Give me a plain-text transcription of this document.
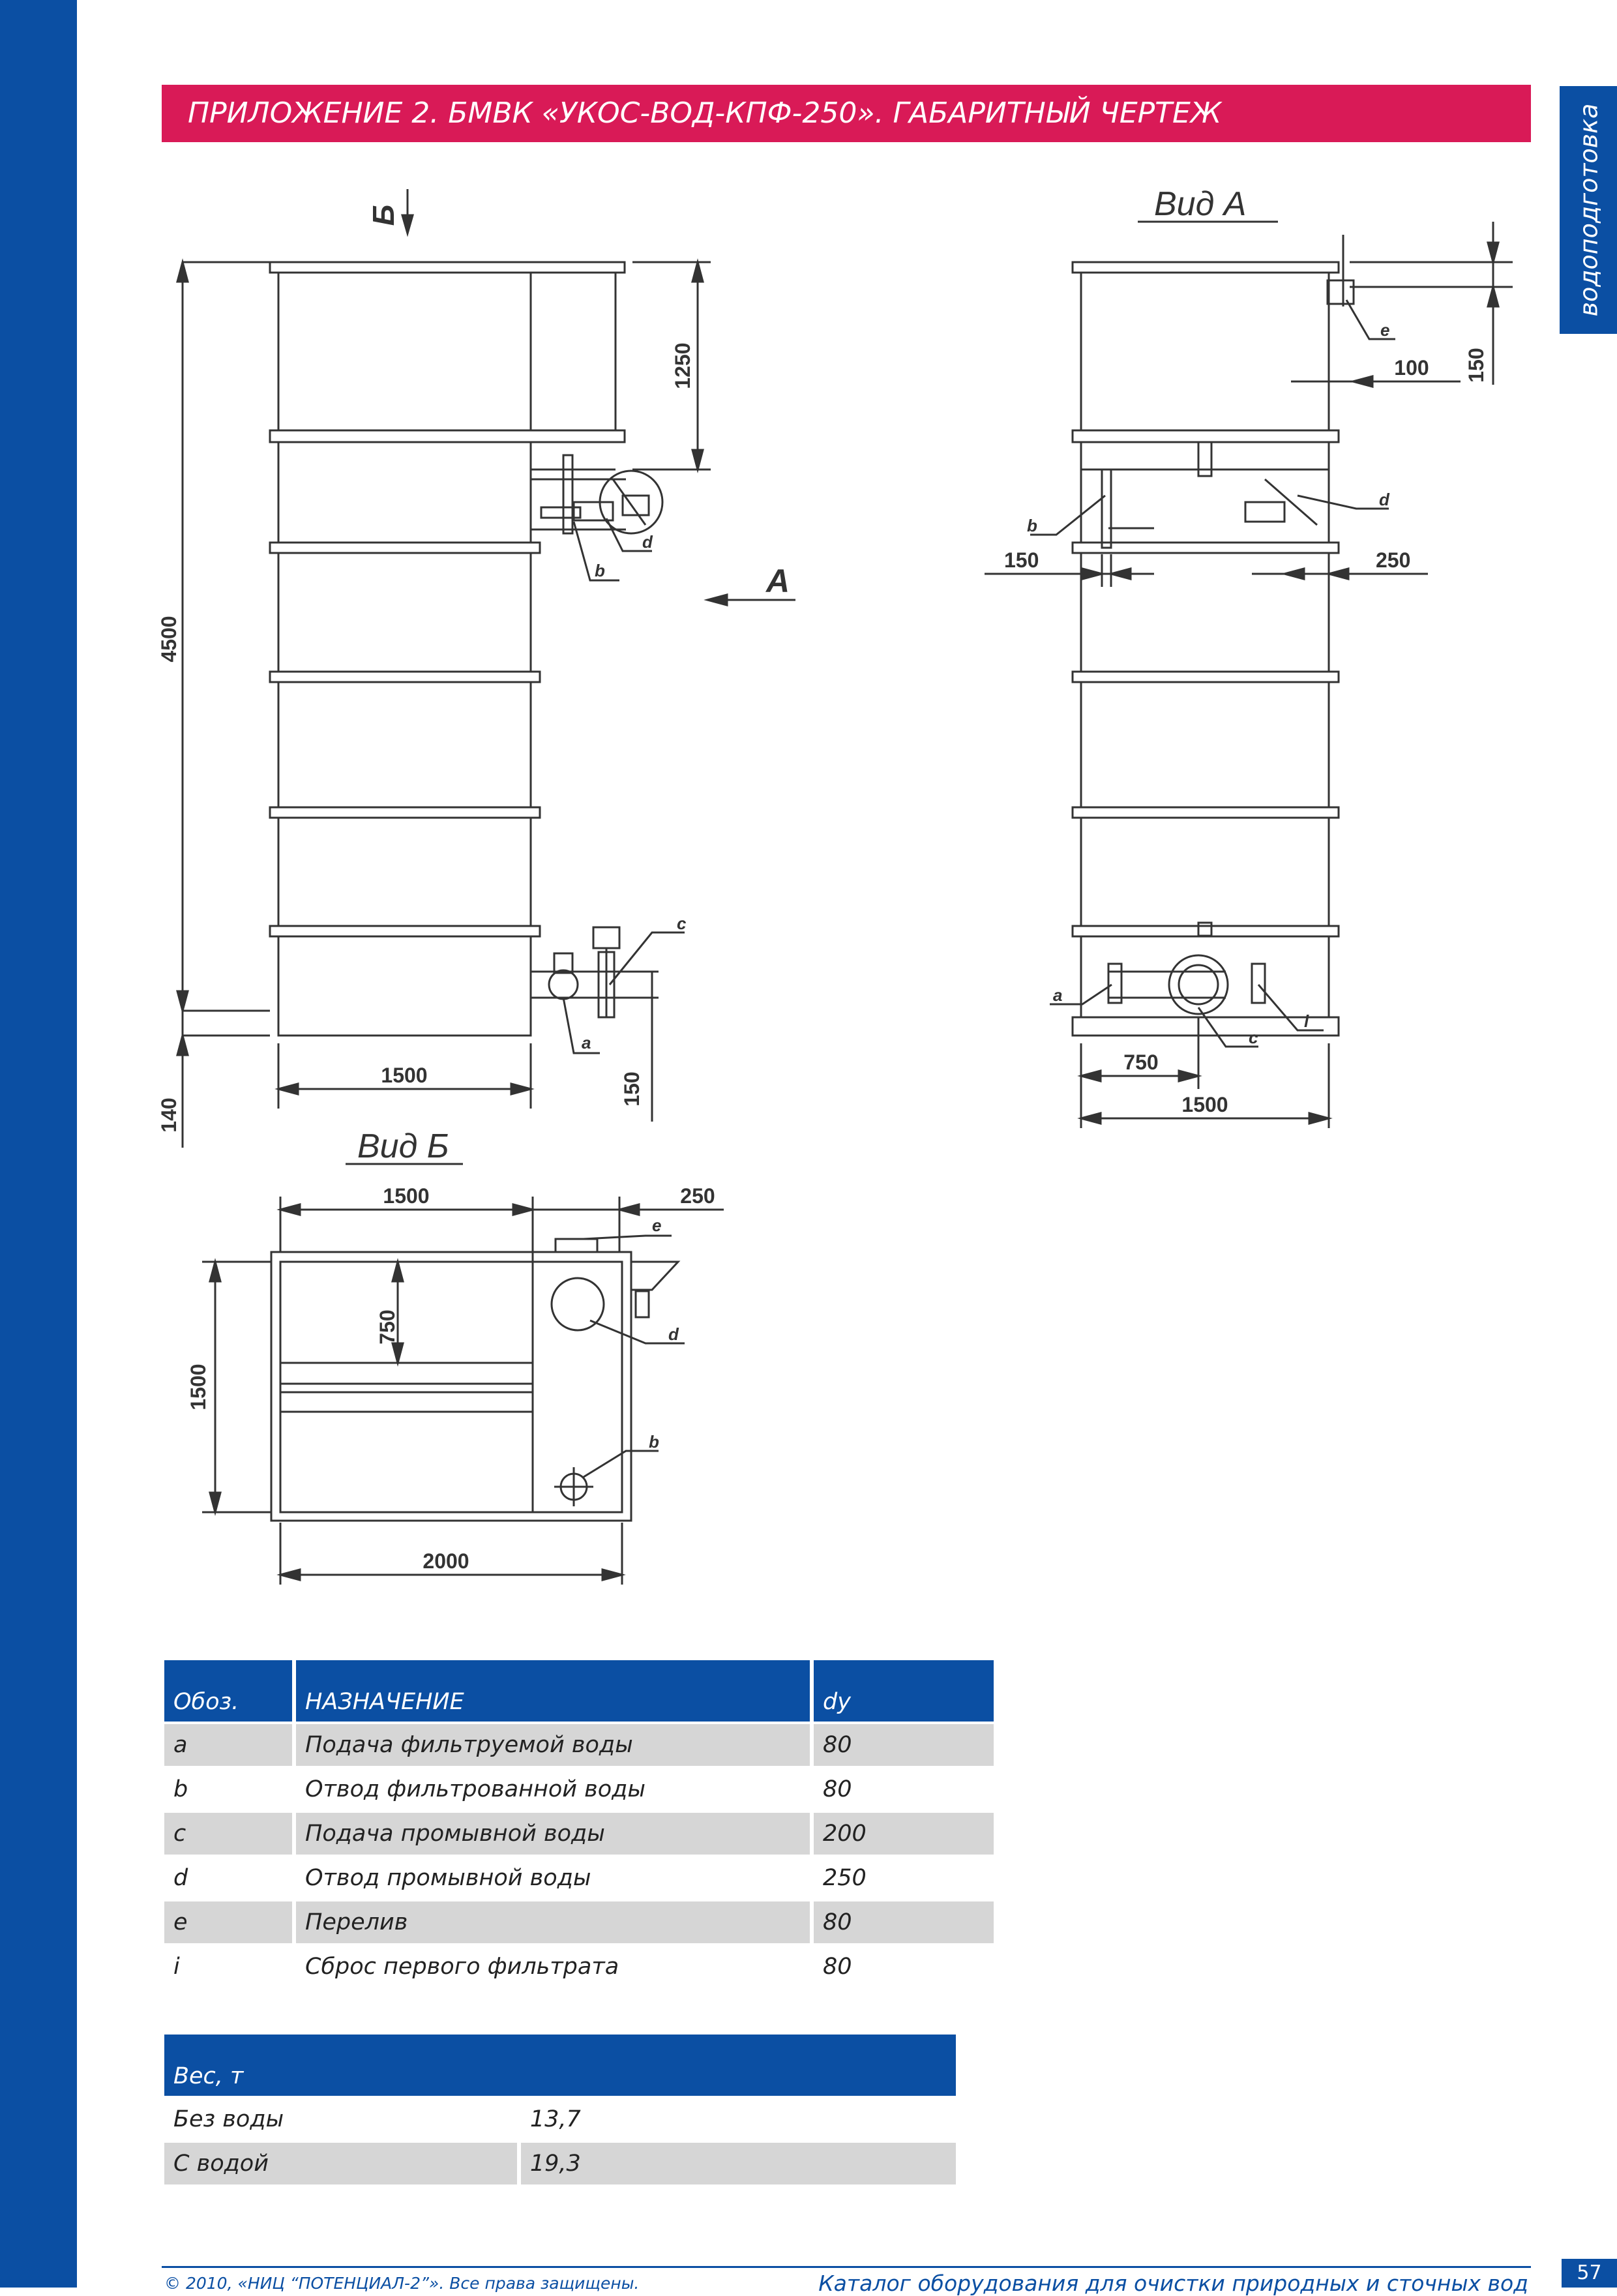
водоподготовка
ПРИЛОЖЕНИЕ 2. БМВК «УКОС-ВОД-КПФ-250». ГАБАРИТНЫЙ ЧЕРТЕЖ
4500
140
1250
1500	150
b
d
c
a
Б
А
Вид А
150
100
e
150
b
250
d
a
i
c
750
1500
Вид Б
1500	250
e
d
b
1500
750
2000
Обоз.	НАЗНАЧЕНИЕ	dy
a	Подача фильтруемой воды	80
b	Отвод фильтрованной воды	80
c	Подача промывной воды	200
d	Отвод промывной воды	250
e	Перелив	80
i	Сброс первого фильтрата	80
Вес, т	
Без воды	13,7
С водой	19,3
© 2010, «НИЦ “ПОТЕНЦИАЛ-2”». Все права защищены.	Каталог оборудования для очистки природных и сточных вод	57
